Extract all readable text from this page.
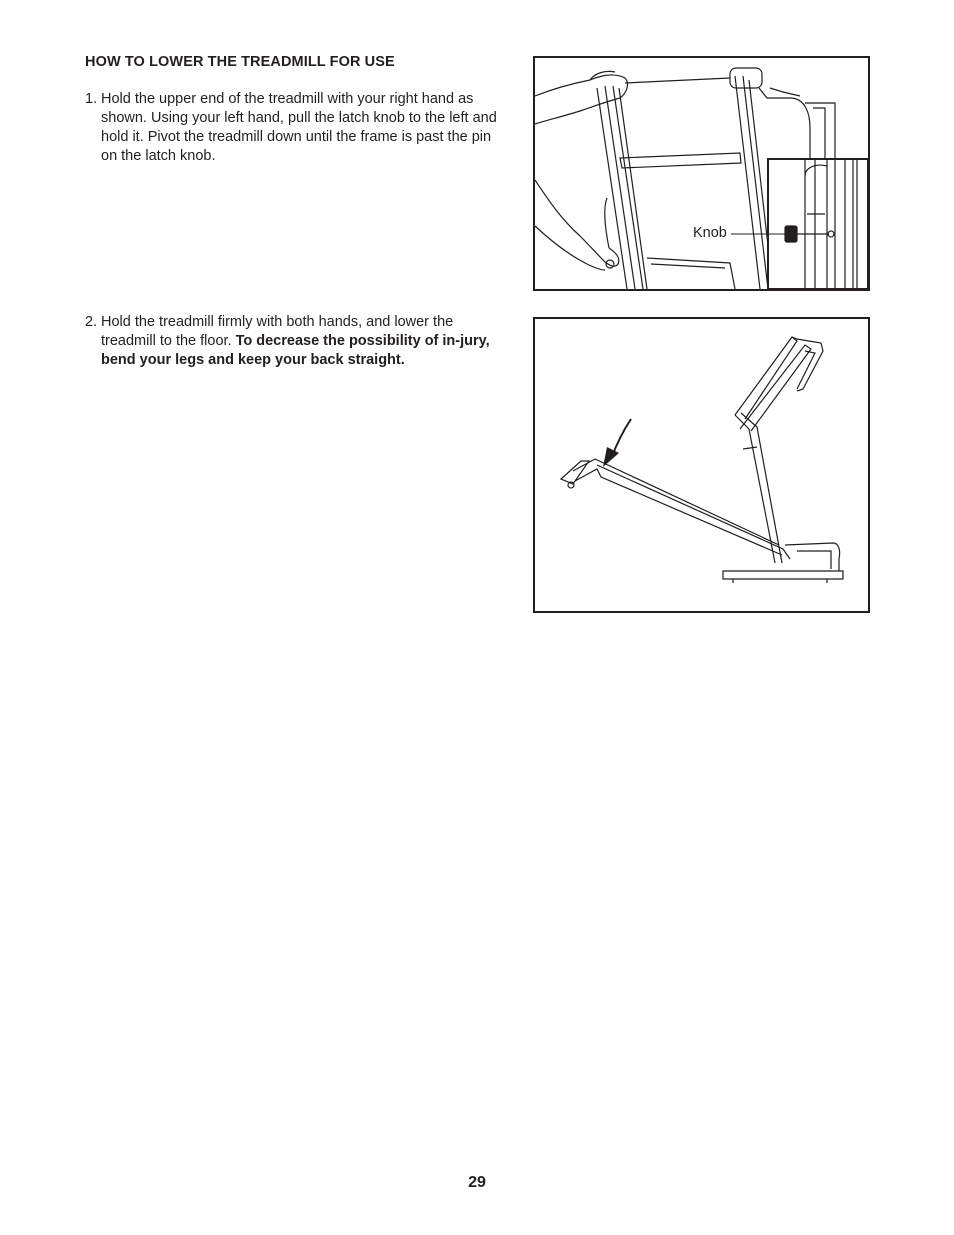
HOW TO LOWER THE TREADMILL FOR USE
1. Hold the upper end of the treadmill with your right hand as shown. Using your left hand, pull the latch knob to the left and hold it. Pivot the treadmill down until the frame is past the pin on the latch knob.
2. Hold the treadmill firmly with both hands, and lower the treadmill to the floor. To decrease the possibility of in-jury, bend your legs and keep your back straight.
Knob
29
